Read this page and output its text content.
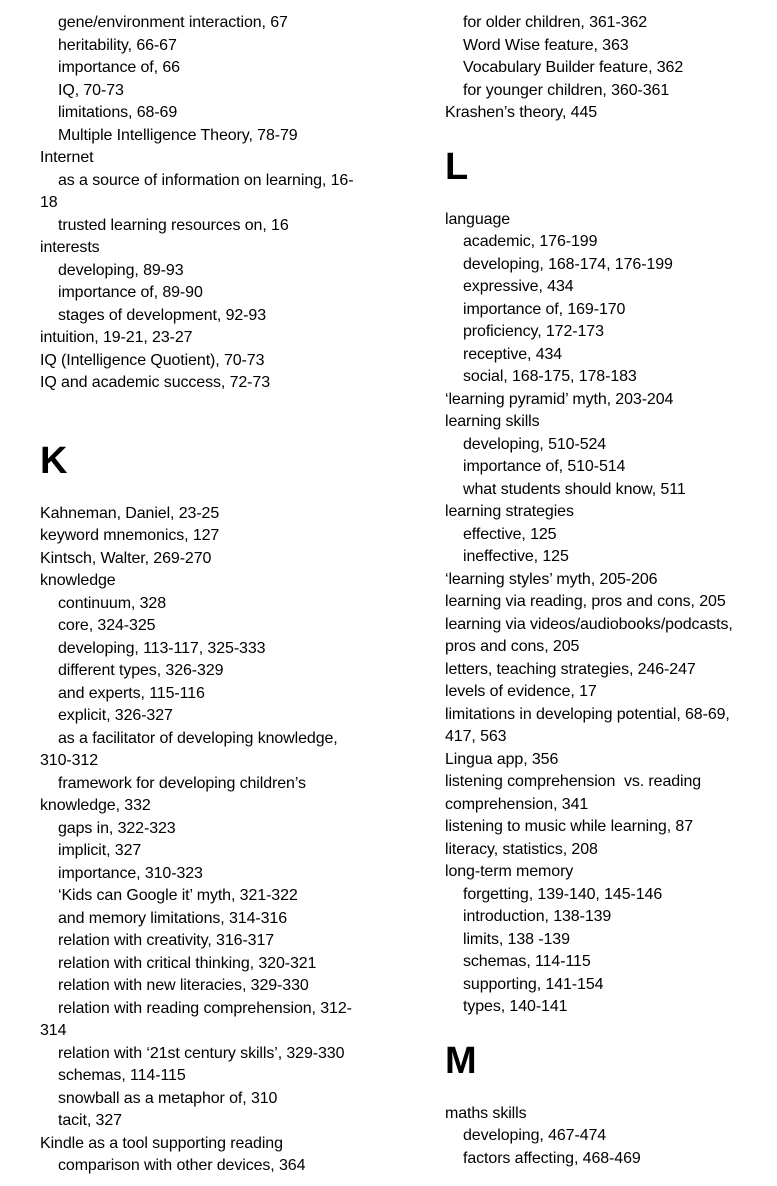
gene/environment interaction, 67
heritability, 66-67
importance of, 66
IQ, 70-73
limitations, 68-69
Multiple Intelligence Theory, 78-79
Internet
as a source of information on learning, 16-
18
trusted learning resources on, 16
interests
developing, 89-93
importance of, 89-90
stages of development, 92-93
intuition, 19-21, 23-27
IQ (Intelligence Quotient), 70-73
IQ and academic success, 72-73
K
Kahneman, Daniel, 23-25
keyword mnemonics, 127
Kintsch, Walter, 269-270
knowledge
continuum, 328
core, 324-325
developing, 113-117, 325-333
different types, 326-329
and experts, 115-116
explicit, 326-327
as a facilitator of developing knowledge,
310-312
framework for developing children’s
knowledge, 332
gaps in, 322-323
implicit, 327
importance, 310-323
‘Kids can Google it’ myth, 321-322
and memory limitations, 314-316
relation with creativity, 316-317
relation with critical thinking, 320-321
relation with new literacies, 329-330
relation with reading comprehension, 312-
314
relation with ‘21st century skills’, 329-330
schemas, 114-115
snowball as a metaphor of, 310
tacit, 327
Kindle as a tool supporting reading
comparison with other devices, 364
for older children, 361-362
Word Wise feature, 363
Vocabulary Builder feature, 362
for younger children, 360-361
Krashen’s theory, 445
L
language
academic, 176-199
developing, 168-174, 176-199
expressive, 434
importance of, 169-170
proficiency, 172-173
receptive, 434
social, 168-175, 178-183
‘learning pyramid’ myth, 203-204
learning skills
developing, 510-524
importance of, 510-514
what students should know, 511
learning strategies
effective, 125
ineffective, 125
‘learning styles’ myth, 205-206
learning via reading, pros and cons, 205
learning via videos/audiobooks/podcasts,
pros and cons, 205
letters, teaching strategies, 246-247
levels of evidence, 17
limitations in developing potential, 68-69,
417, 563
Lingua app, 356
listening comprehension  vs. reading
comprehension, 341
listening to music while learning, 87
literacy, statistics, 208
long-term memory
forgetting, 139-140, 145-146
introduction, 138-139
limits, 138 -139
schemas, 114-115
supporting, 141-154
types, 140-141
M
maths skills
developing, 467-474
factors affecting, 468-469
